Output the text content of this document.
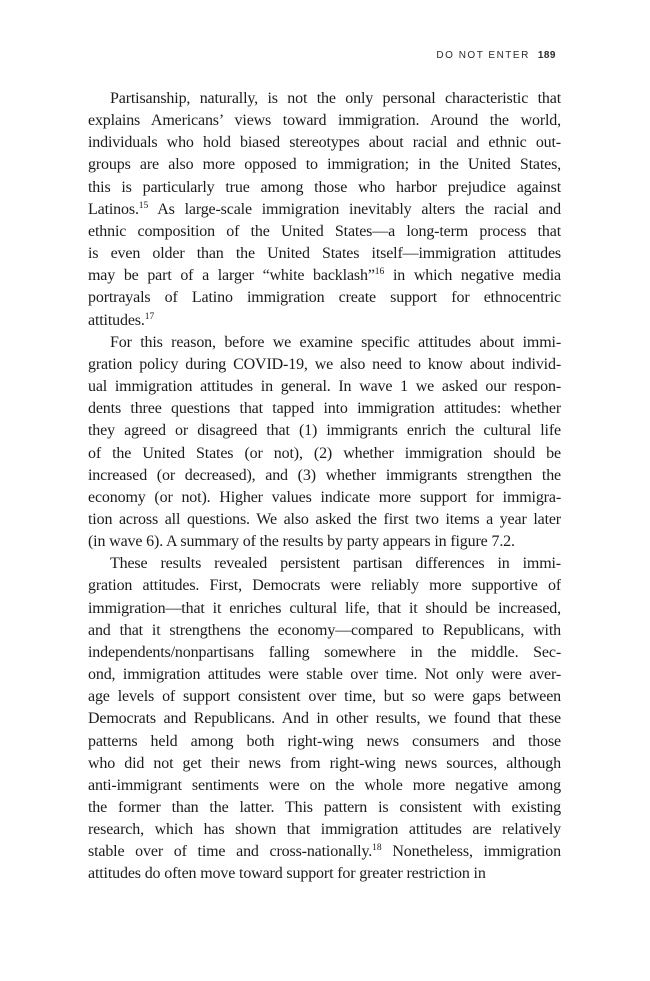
DO NOT ENTER 189

Partisanship, naturally, is not the only personal characteristic that
explains Americans’ views toward immigration. Around the world,
individuals who hold biased stereotypes about racial and ethnic out-
groups are also more opposed to immigration; in the United States,
this is particularly true among those who harbor prejudice against
Latinos.$^{15}$ As large-scale immigration inevitably alters the racial and
ethnic composition of the United States—a long-term process that
is even older than the United States itself—immigration attitudes
may be part of a larger “white backlash”$^{16}$ in which negative media
portrayals of Latino immigration create support for ethnocentric
attitudes.$^{17}$

For this reason, before we examine specific attitudes about immi-
gration policy during COVID-19, we also need to know about individ-
ual immigration attitudes in general. In wave 1 we asked our respon-
dents three questions that tapped into immigration attitudes: whether
they agreed or disagreed that (1) immigrants enrich the cultural life
of the United States (or not), (2) whether immigration should be
increased (or decreased), and (3) whether immigrants strengthen the
economy (or not). Higher values indicate more support for immigra-
tion across all questions. We also asked the first two items a year later
(in wave 6). A summary of the results by party appears in figure 7.2.

These results revealed persistent partisan differences in immi-
gration attitudes. First, Democrats were reliably more supportive of
immigration—that it enriches cultural life, that it should be increased,
and that it strengthens the economy—compared to Republicans, with
independents/nonpartisans falling somewhere in the middle. Sec-
ond, immigration attitudes were stable over time. Not only were aver-
age levels of support consistent over time, but so were gaps between
Democrats and Republicans. And in other results, we found that these
patterns held among both right-wing news consumers and those
who did not get their news from right-wing news sources, although
anti-immigrant sentiments were on the whole more negative among
the former than the latter. This pattern is consistent with existing
research, which has shown that immigration attitudes are relatively
stable over of time and cross-nationally.$^{18}$ Nonetheless, immigration
attitudes do often move toward support for greater restriction in
